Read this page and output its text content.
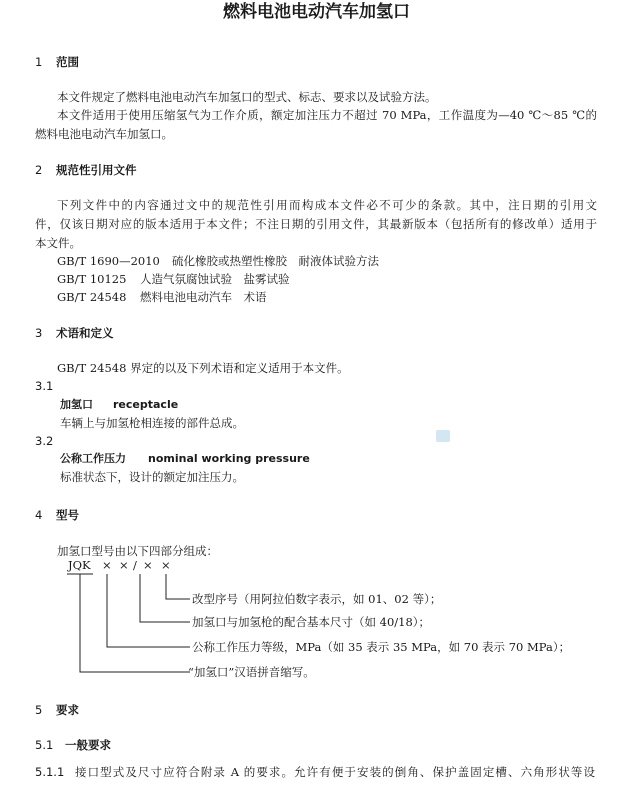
燃料电池电动汽车加氢口
1 范围
本文件规定了燃料电池电动汽车加氢口的型式、标志、要求以及试验方法。
本文件适用于使用压缩氢气为工作介质，额定加注压力不超过 70 MPa，工作温度为—40 ℃～85 ℃的
燃料电池电动汽车加氢口。
2 规范性引用文件
下列文件中的内容通过文中的规范性引用而构成本文件必不可少的条款。其中，注日期的引用文
件，仅该日期对应的版本适用于本文件；不注日期的引用文件，其最新版本（包括所有的修改单）适用于
本文件。
GB/T 1690—2010 硫化橡胶或热塑性橡胶　耐液体试验方法
GB/T 10125 人造气氛腐蚀试验　盐雾试验
GB/T 24548 燃料电池电动汽车　术语
3 术语和定义
GB/T 24548 界定的以及下列术语和定义适用于本文件。
3.1
加氢口 receptacle
车辆上与加氢枪相连接的部件总成。
3.2
公称工作压力 nominal working pressure
标准状态下，设计的额定加注压力。
4 型号
加氢口型号由以下四部分组成：
JQK × × / × ×
改型序号（用阿拉伯数字表示，如 01、02 等）；
加氢口与加氢枪的配合基本尺寸（如 40/18）；
公称工作压力等级，MPa（如 35 表示 35 MPa，如 70 表示 70 MPa）；
“加氢口”汉语拼音缩写。
5 要求
5.1 一般要求
5.1.1 接口型式及尺寸应符合附录 A 的要求。允许有便于安装的倒角、保护盖固定槽、六角形状等设
